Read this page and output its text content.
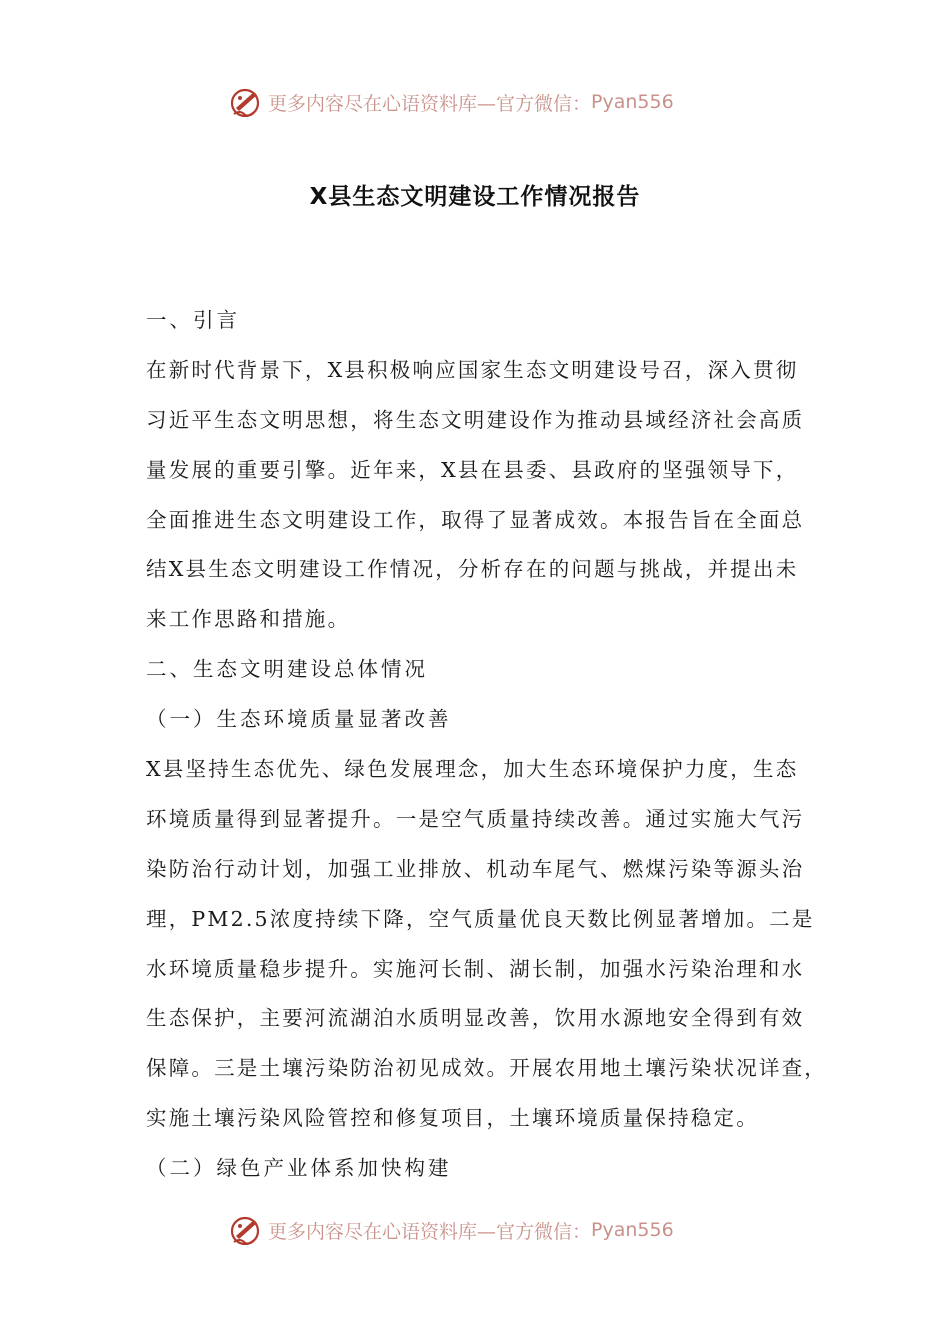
更多内容尽在心语资料库—官方微信： Pyan556
X县生态文明建设工作情况报告
一、引言
在新时代背景下，X县积极响应国家生态文明建设号召，深入贯彻
习近平生态文明思想，将生态文明建设作为推动县域经济社会高质
量发展的重要引擎。近年来，X县在县委、县政府的坚强领导下，
全面推进生态文明建设工作，取得了显著成效。本报告旨在全面总
结X县生态文明建设工作情况，分析存在的问题与挑战，并提出未
来工作思路和措施。
二、生态文明建设总体情况
（一）生态环境质量显著改善
X县坚持生态优先、绿色发展理念，加大生态环境保护力度，生态
环境质量得到显著提升。一是空气质量持续改善。通过实施大气污
染防治行动计划，加强工业排放、机动车尾气、燃煤污染等源头治
理，PM2.5浓度持续下降，空气质量优良天数比例显著增加。二是
水环境质量稳步提升。实施河长制、湖长制，加强水污染治理和水
生态保护，主要河流湖泊水质明显改善，饮用水源地安全得到有效
保障。三是土壤污染防治初见成效。开展农用地土壤污染状况详查，
实施土壤污染风险管控和修复项目，土壤环境质量保持稳定。
（二）绿色产业体系加快构建
更多内容尽在心语资料库—官方微信： Pyan556
